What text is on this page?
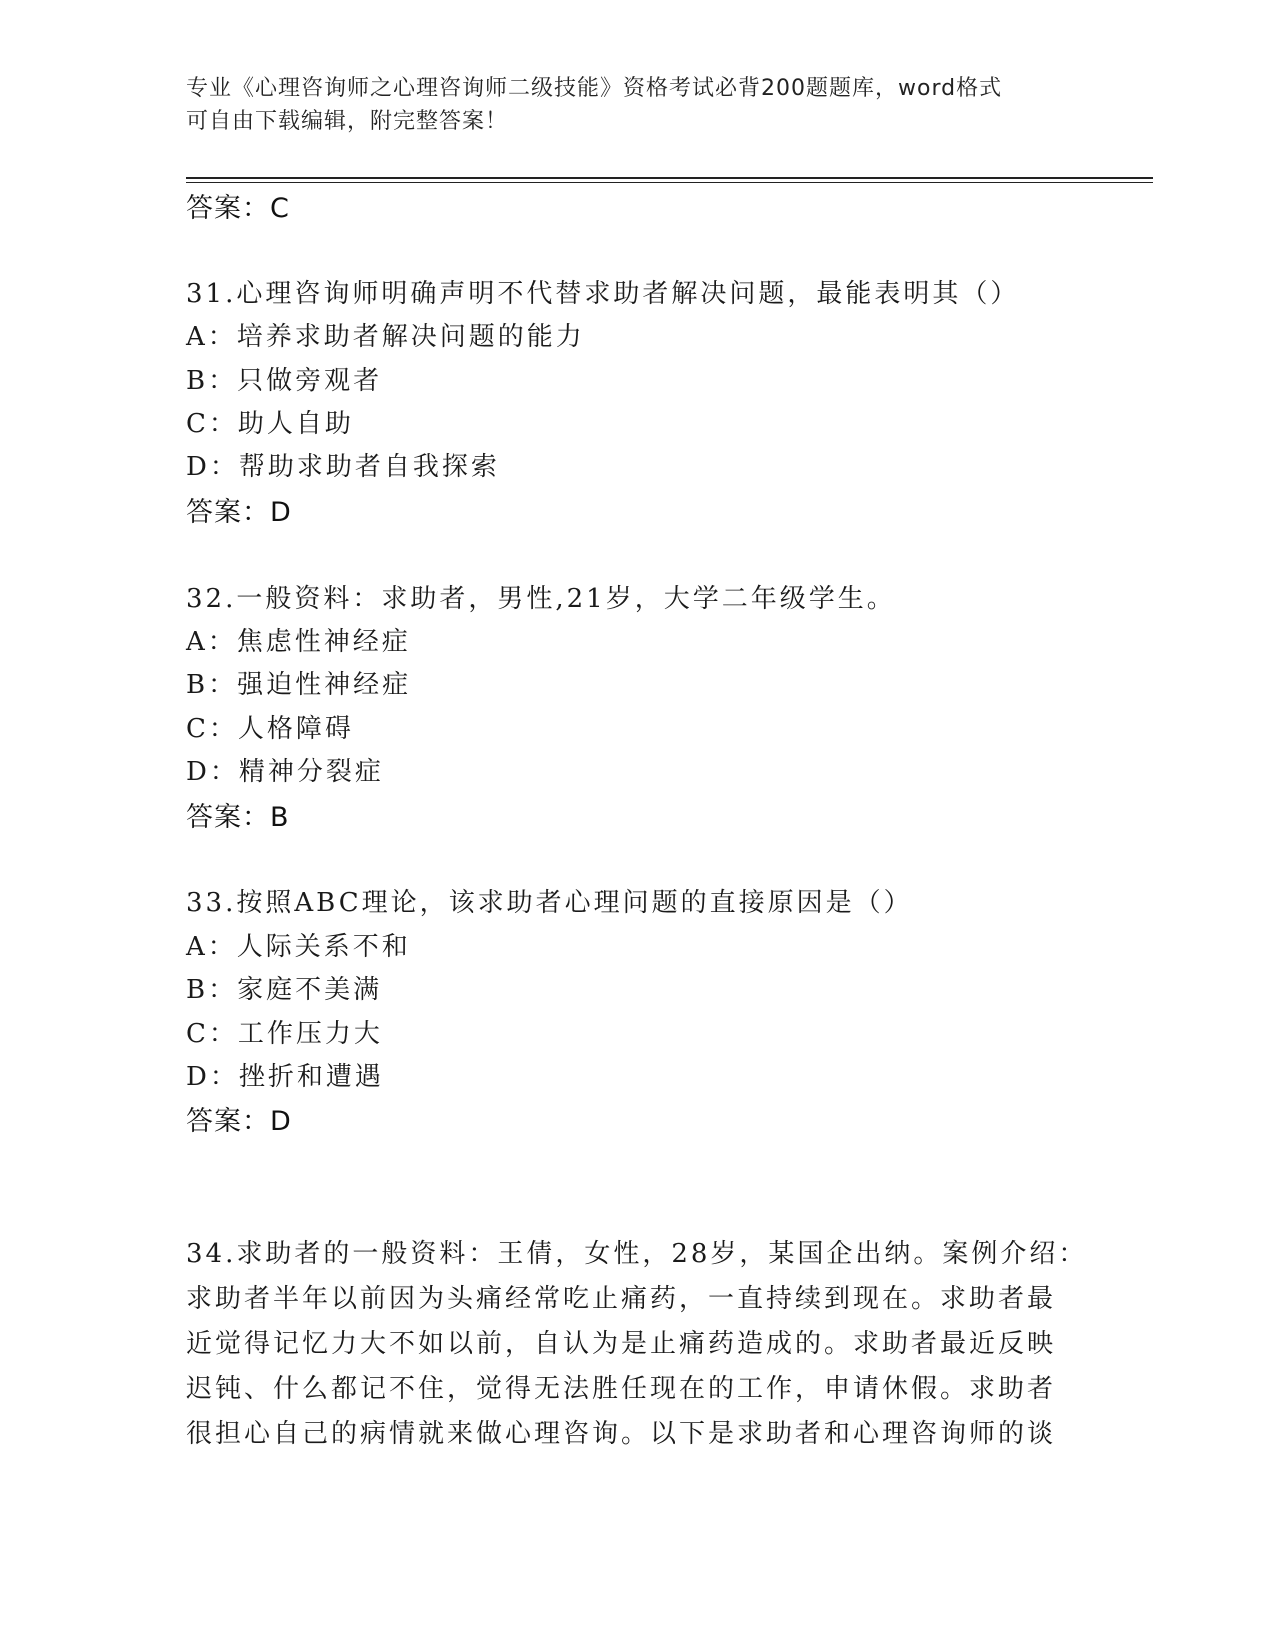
专业《心理咨询师之心理咨询师二级技能》资格考试必背200题题库，word格式
可自由下载编辑，附完整答案！
答案：C
31.心理咨询师明确声明不代替求助者解决问题，最能表明其（）
A：培养求助者解决问题的能力
B：只做旁观者
C：助人自助
D：帮助求助者自我探索
答案：D
32.一般资料：求助者，男性,21岁，大学二年级学生。
A：焦虑性神经症
B：强迫性神经症
C：人格障碍
D：精神分裂症
答案：B
33.按照ABC理论，该求助者心理问题的直接原因是（）
A：人际关系不和
B：家庭不美满
C：工作压力大
D：挫折和遭遇
答案：D
34.求助者的一般资料：王倩，女性，28岁，某国企出纳。案例介绍：
求助者半年以前因为头痛经常吃止痛药，一直持续到现在。求助者最
近觉得记忆力大不如以前，自认为是止痛药造成的。求助者最近反映
迟钝、什么都记不住，觉得无法胜任现在的工作，申请休假。求助者
很担心自己的病情就来做心理咨询。以下是求助者和心理咨询师的谈
